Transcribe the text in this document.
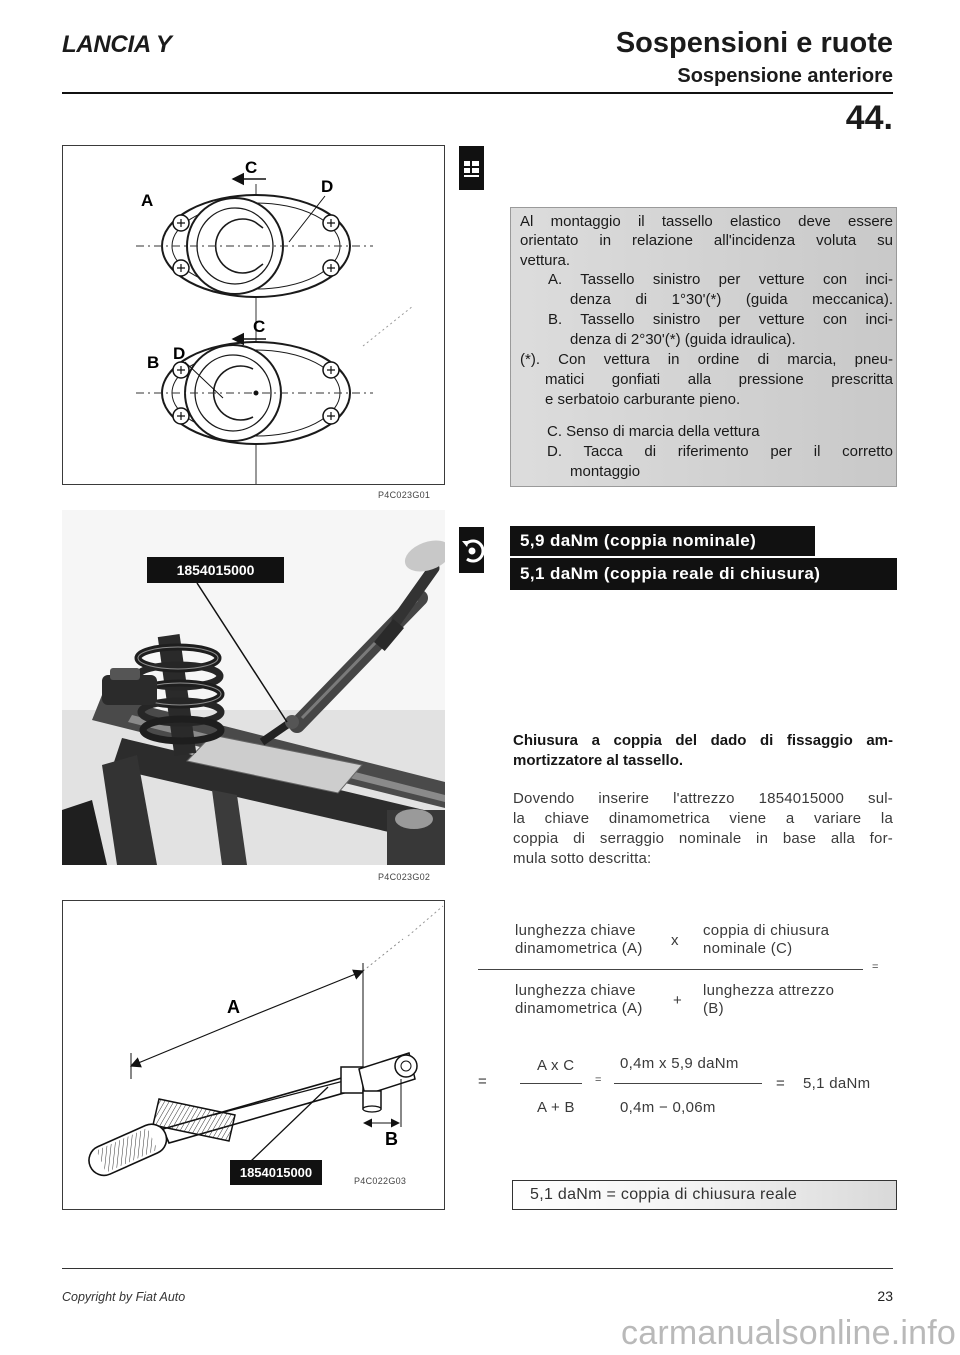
LANCIA Y	Sospensioni e ruote
Sospensione anteriore
44.
C
A
D
D
C
B
P4C023G01
Al montaggio il tassello elastico deve essere
orientato in relazione all'incidenza voluta su
vettura.
A. Tassello sinistro per vetture con inci-
denza di 1°30'(*) (guida meccanica).
B. Tassello sinistro per vetture con inci-
denza di 2°30'(*) (guida idraulica).
(*). Con vettura in ordine di marcia, pneu-
matici gonfiati alla pressione prescritta
e serbatoio carburante pieno.
C. Senso di marcia della vettura
D. Tacca di riferimento per il corretto
montaggio
1854015000
P4C023G02
5,9 daNm (coppia nominale)
5,1 daNm (coppia reale di chiusura)
Chiusura a coppia del dado di fissaggio am-
mortizzatore al tassello.
Dovendo inserire l'attrezzo 1854015000 sul-
la chiave dinamometrica viene a variare la
coppia di serraggio nominale in base alla for-
mula sotto descritta:
A
B
1854015000
P4C022G03
lunghezza chiave
dinamometrica (A) x
coppia di chiusura
nominale (C)
=
lunghezza chiave
dinamometrica (A) +
lunghezza attrezzo
(B)
=
A x C
=
A + B
0,4m x 5,9 daNm
0,4m − 0,06m
= 5,1 daNm
5,1 daNm = coppia di chiusura reale
Copyright by Fiat Auto	23
carmanualsonline.info
